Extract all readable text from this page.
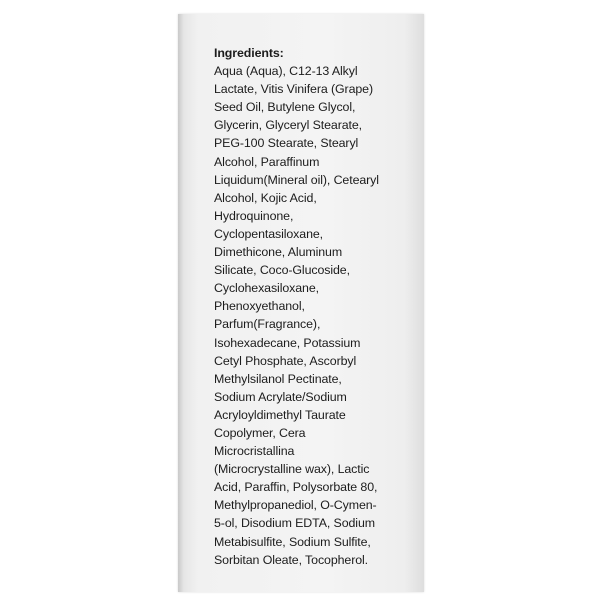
Ingredients:
Aqua (Aqua), C12-13 Alkyl
Lactate, Vitis Vinifera (Grape)
Seed Oil, Butylene Glycol,
Glycerin, Glyceryl Stearate,
PEG-100 Stearate, Stearyl
Alcohol, Paraffinum
Liquidum(Mineral oil), Cetearyl
Alcohol, Kojic Acid,
Hydroquinone,
Cyclopentasiloxane,
Dimethicone, Aluminum
Silicate, Coco-Glucoside,
Cyclohexasiloxane,
Phenoxyethanol,
Parfum(Fragrance),
Isohexadecane, Potassium
Cetyl Phosphate, Ascorbyl
Methylsilanol Pectinate,
Sodium Acrylate/Sodium
Acryloyldimethyl Taurate
Copolymer, Cera
Microcristallina
(Microcrystalline wax), Lactic
Acid, Paraffin, Polysorbate 80,
Methylpropanediol, O-Cymen-
5-ol, Disodium EDTA, Sodium
Metabisulfite, Sodium Sulfite,
Sorbitan Oleate, Tocopherol.
